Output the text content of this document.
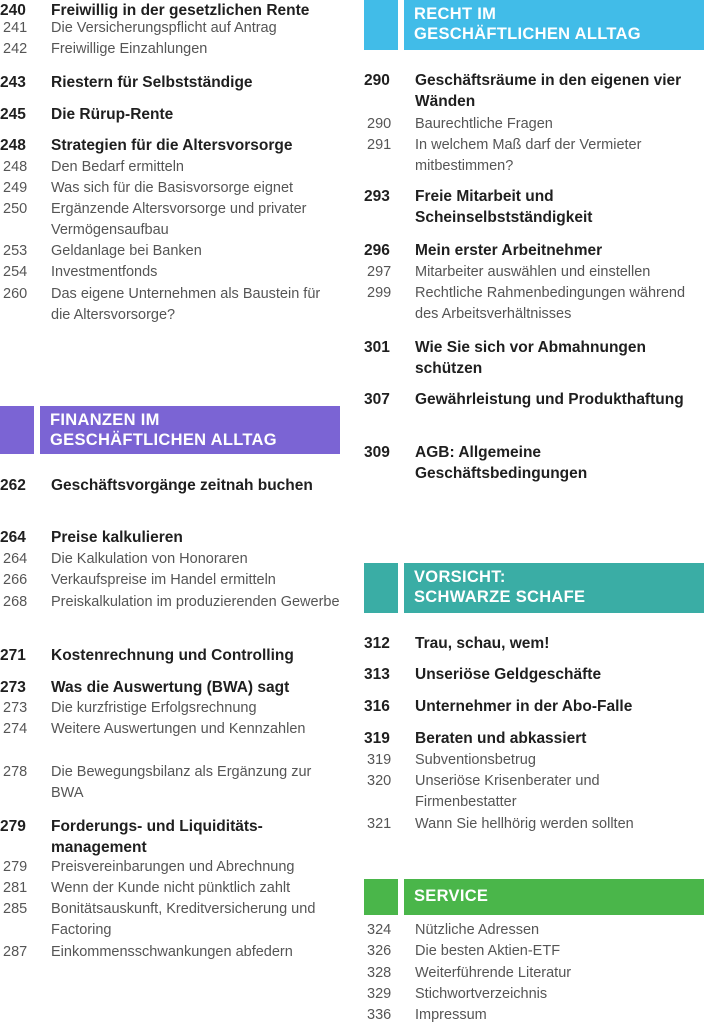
240	Freiwillig in der gesetzlichen Rente
241	Die Versicherungspflicht auf Antrag
242	Freiwillige Einzahlungen
243	Riestern für Selbstständige
245	Die Rürup-Rente
248	Strategien für die Altersvorsorge
248	Den Bedarf ermitteln
249	Was sich für die Basisvorsorge eignet
250	Ergänzende Altersvorsorge und privater Vermögensaufbau
253	Geldanlage bei Banken
254	Investmentfonds
260	Das eigene Unternehmen als Baustein für die Altersvorsorge?
FINANZEN IM
GESCHÄFTLICHEN ALLTAG
262	Geschäftsvorgänge zeitnah buchen
264	Preise kalkulieren
264	Die Kalkulation von Honoraren
266	Verkaufspreise im Handel ermitteln
268	Preiskalkulation im produzierenden Gewerbe
271	Kostenrechnung und Controlling
273	Was die Auswertung (BWA) sagt
273	Die kurzfristige Erfolgsrechnung
274	Weitere Auswertungen und Kennzahlen
278	Die Bewegungsbilanz als Ergänzung zur BWA
279	Forderungs- und Liquiditäts-management
279	Preisvereinbarungen und Abrechnung
281	Wenn der Kunde nicht pünktlich zahlt
285	Bonitätsauskunft, Kreditversicherung und Factoring
287	Einkommensschwankungen abfedern
RECHT IM
GESCHÄFTLICHEN ALLTAG
290	Geschäftsräume in den eigenen vier Wänden
290	Baurechtliche Fragen
291	In welchem Maß darf der Vermieter mitbestimmen?
293	Freie Mitarbeit und Scheinselbstständigkeit
296	Mein erster Arbeitnehmer
297	Mitarbeiter auswählen und einstellen
299	Rechtliche Rahmenbedingungen während des Arbeitsverhältnisses
301	Wie Sie sich vor Abmahnungen schützen
307	Gewährleistung und Produkthaftung
309	AGB: Allgemeine Geschäftsbedingungen
VORSICHT:
SCHWARZE SCHAFE
312	Trau, schau, wem!
313	Unseriöse Geldgeschäfte
316	Unternehmer in der Abo-Falle
319	Beraten und abkassiert
319	Subventionsbetrug
320	Unseriöse Krisenberater und Firmenbestatter
321	Wann Sie hellhörig werden sollten
SERVICE
324	Nützliche Adressen
326	Die besten Aktien-ETF
328	Weiterführende Literatur
329	Stichwortverzeichnis
336	Impressum
